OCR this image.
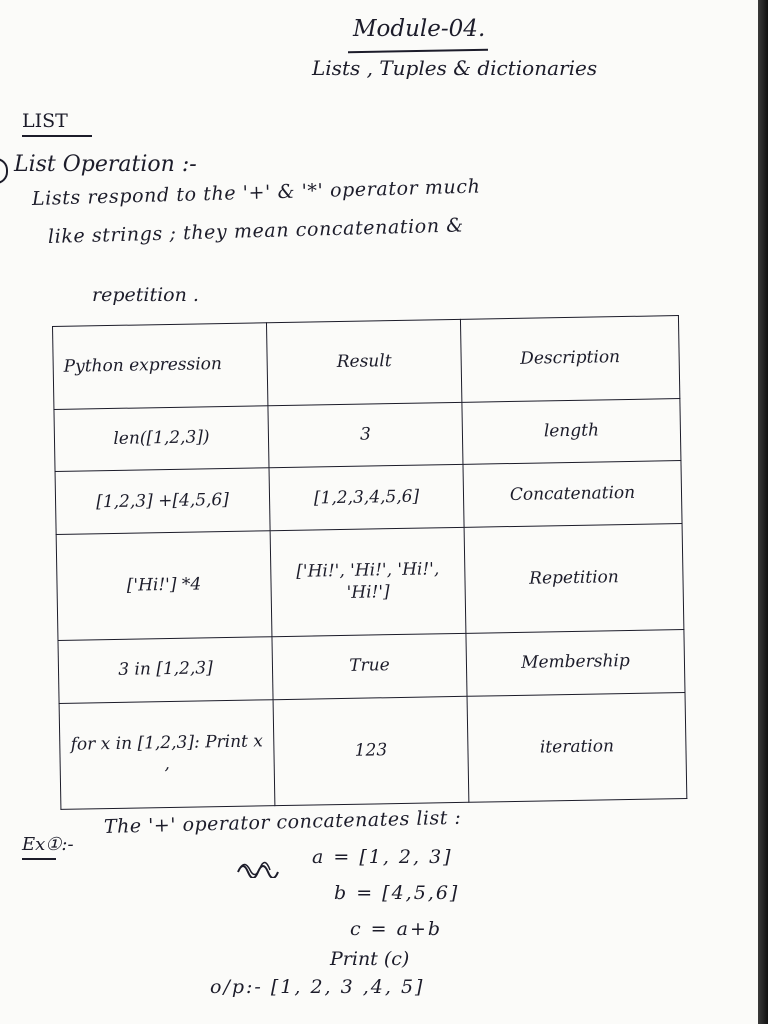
Module-04.
Lists , Tuples & dictionaries
LIST
List Operation :-
Lists respond to the '+' & '*' operator much
like strings ; they mean concatenation &
repetition .
Python expression	Result	Description
len([1,2,3])	3	length
[1,2,3] +[4,5,6]	[1,2,3,4,5,6]	Concatenation
['Hi!'] *4	['Hi!', 'Hi!', 'Hi!', 'Hi!']	Repetition
3 in [1,2,3]	True	Membership
for x in [1,2,3]: Print x ,	123	iteration
Ex①:-
The '+' operator concatenates list :
a = [1, 2, 3]
b = [4,5,6]
c = a+b
Print (c)
o/p:- [1, 2, 3 ,4, 5]
